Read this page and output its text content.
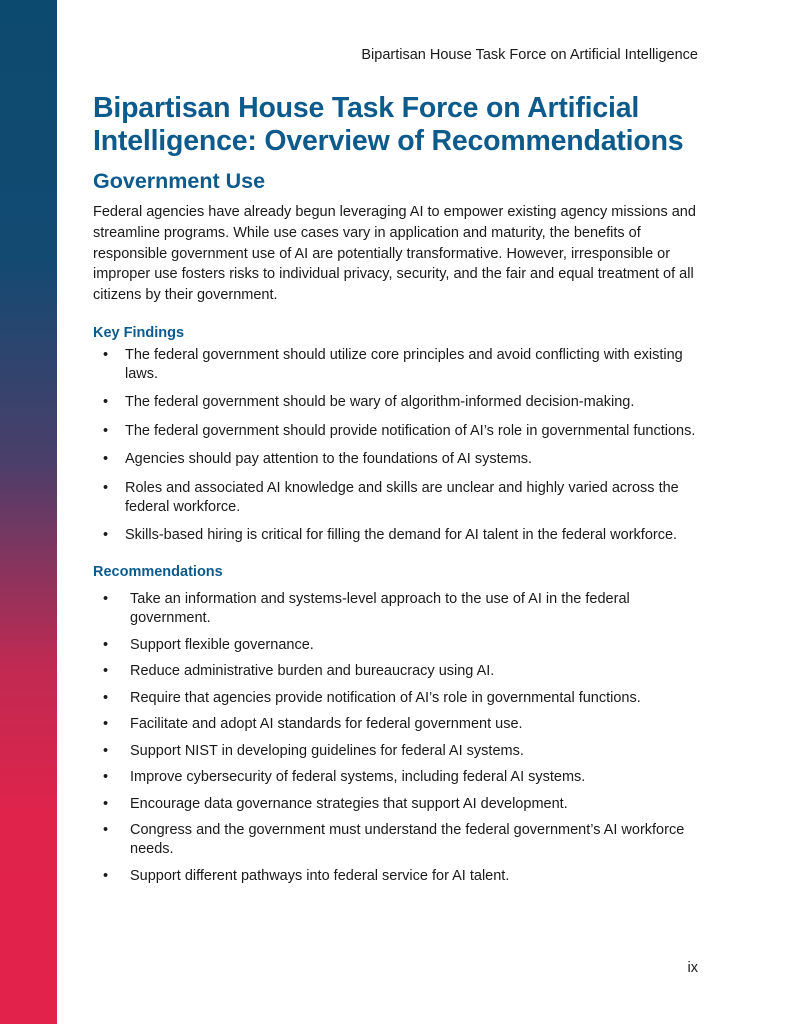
Bipartisan House Task Force on Artificial Intelligence
Bipartisan House Task Force on Artificial Intelligence: Overview of Recommendations
Government Use

Federal agencies have already begun leveraging AI to empower existing agency missions and streamline programs. While use cases vary in application and maturity, the benefits of responsible government use of AI are potentially transformative. However, irresponsible or improper use fosters risks to individual privacy, security, and the fair and equal treatment of all citizens by their government.

Key Findings
• The federal government should utilize core principles and avoid conflicting with existing laws.
• The federal government should be wary of algorithm-informed decision-making.
• The federal government should provide notification of AI’s role in governmental functions.
• Agencies should pay attention to the foundations of AI systems.
• Roles and associated AI knowledge and skills are unclear and highly varied across the federal workforce.
• Skills-based hiring is critical for filling the demand for AI talent in the federal workforce.
Recommendations
• Take an information and systems-level approach to the use of AI in the federal government.
• Support flexible governance.
• Reduce administrative burden and bureaucracy using AI.
• Require that agencies provide notification of AI’s role in governmental functions.
• Facilitate and adopt AI standards for federal government use.
• Support NIST in developing guidelines for federal AI systems.
• Improve cybersecurity of federal systems, including federal AI systems.
• Encourage data governance strategies that support AI development.
• Congress and the government must understand the federal government’s AI workforce needs.
• Support different pathways into federal service for AI talent.
ix
